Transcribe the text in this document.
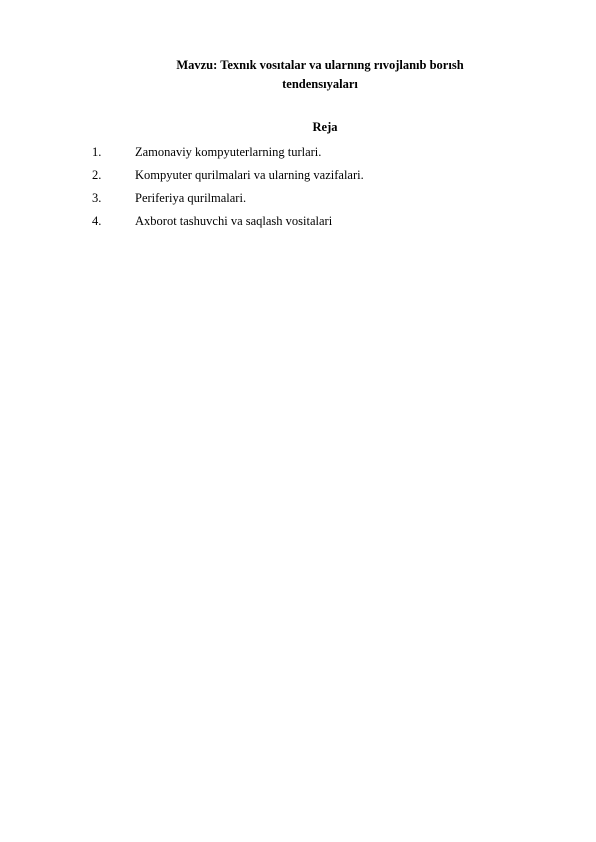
Mavzu: Texnık vosıtalar va ularnıng rıvojlanıb borısh
tendensıyaları
Reja
1.	Zamonaviy kompyuterlarning turlari.
2.	Kompyuter qurilmalari va ularning vazifalari.
3.	Periferiya qurilmalari.
4.	Axborot tashuvchi va saqlash vositalari
